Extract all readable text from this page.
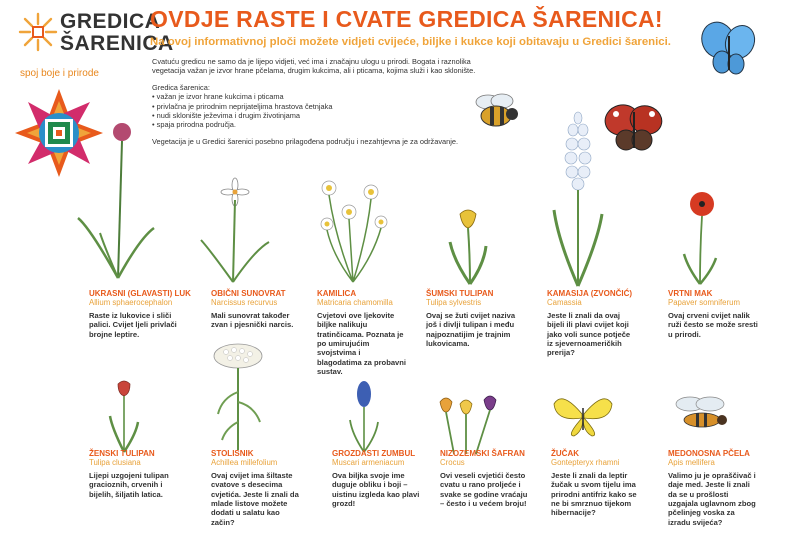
GREDICA
ŠARENICA
spoj boje i prirode
OVDJE RASTE I CVATE GREDICA ŠARENICA!
Na ovoj informativnoj ploči možete vidjeti cvijeće, biljke i kukce koji obitavaju u Gredici šarenici.

Cvatuću gredicu ne samo da je lijepo vidjeti, već ima i značajnu ulogu u prirodi. Bogata i raznolika vegetacija važan je izvor hrane pčelama, drugim kukcima, ali i pticama, kojima služi i kao sklonište.

Gredica šarenica:
• važan je izvor hrane kukcima i pticama
• privlačna je prirodnim neprijateljima hrastova četnjaka
• nudi sklonište ježevima i drugim životinjama
• spaja prirodna područja.

Vegetacija je u Gredici šarenici posebno prilagođena području i nezahtjevna je za održavanje.

UKRASNI (GLAVASTI) LUK
Allium sphaerocephalon
Raste iz lukovice i sliči palici. Cvijet ljeli privlači brojne leptire.
OBIČNI SUNOVRAT
Narcissus recurvus
Mali sunovrat također zvan i pjesnički narcis.
KAMILICA
Matricaria chamomilla
Cvjetovi ove ljekovite biljke nalikuju tratinčicama. Poznata je po umirujućim svojstvima i blagodatima za probavni sustav.
ŠUMSKI TULIPAN
Tulipa sylvestris
Ovaj se žuti cvijet naziva još i divlji tulipan i među najpoznatijim je trajnim lukovicama.
KAMASIJA (ZVONČIĆ)
Camassia
Jeste li znali da ovaj bijeli ili plavi cvijet koji jako voli sunce potječe iz sjevernoameričkih prerija?
VRTNI MAK
Papaver somniferum
Ovaj crveni cvijet nalik ruži često se može sresti u prirodi.
ŽENSKI TULIPAN
Tulipa clusiana
Lijepi uzgojeni tulipan gracioznih, crvenih i bijelih, šiljatih latica.
STOLISNIK
Achillea millefolium
Ovaj cvijet ima šiltaste cvatove s desecima cvjetića. Jeste li znali da mlade listove možete dodati u salatu kao začin?
GROZDASTI ZUMBUL
Muscari armeniacum
Ova biljka svoje ime duguje obliku i boji – uistinu izgleda kao plavi grozd!
NIZOZEMSKI ŠAFRAN
Crocus
Ovi veseli cvjetići često cvatu u rano proljeće i svake se godine vraćaju – često i u većem broju!
ŽUČAK
Gonteptery​x rhamni
Jeste li znali da leptir žučak u svom tijelu ima prirodni antifriz kako se ne bi smrznuo tijekom hibernacije?
MEDONOSNA PČELA
Apis mellifera
Valimo ju je opraščivač i daje med. Jeste li znali da se u prošlosti uzgajala uglavnom zbog pčelinjeg voska za izradu svijeća?
